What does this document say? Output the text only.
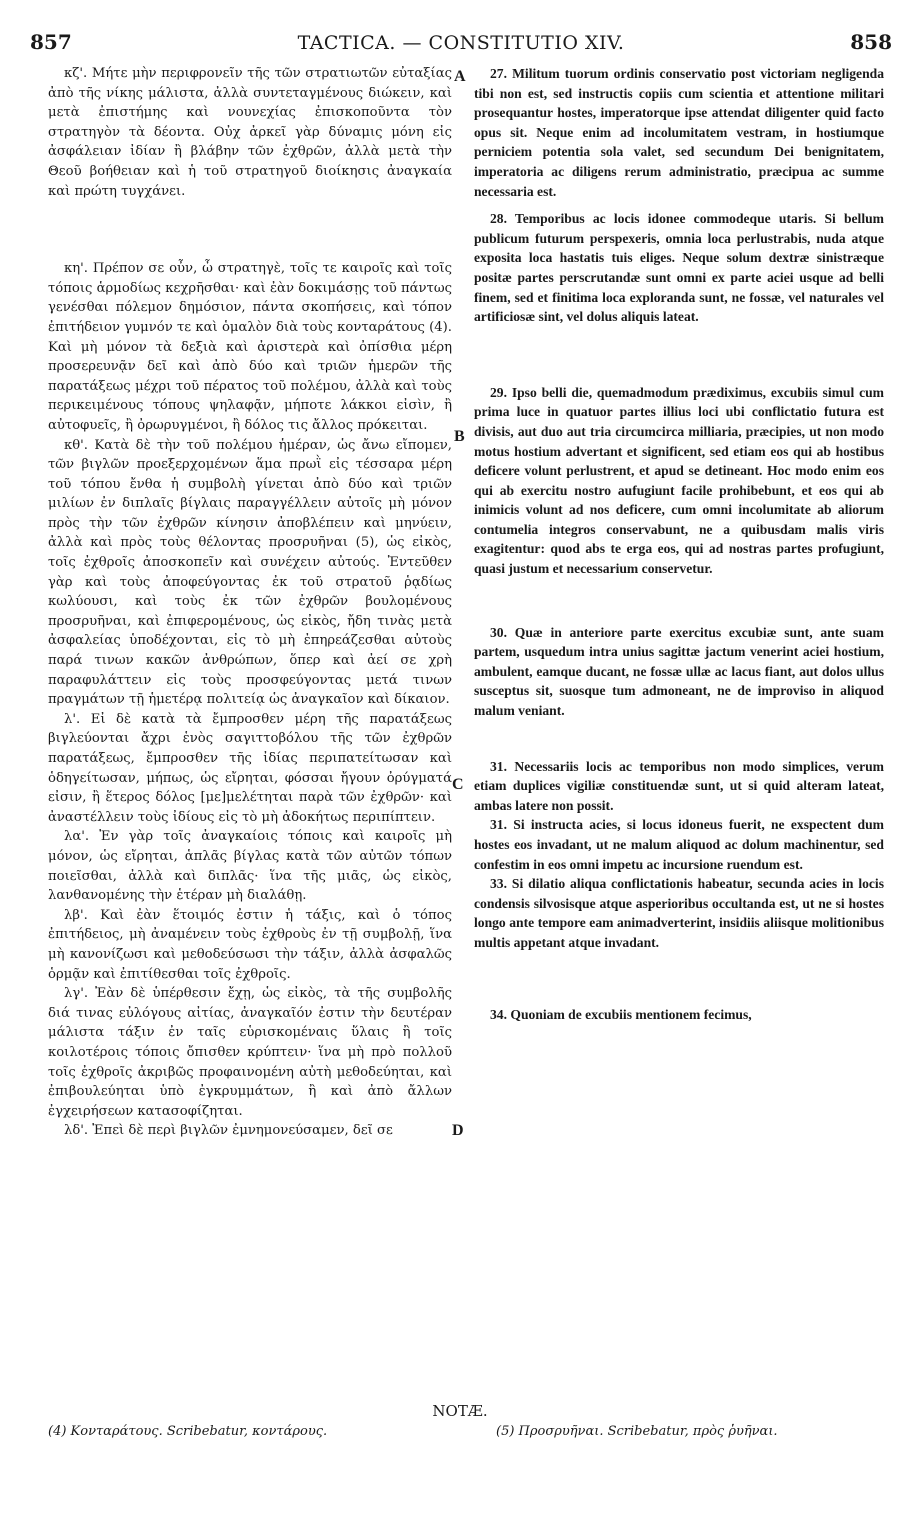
857	TACTICA. — CONSTITUTIO XIV.	858

κζ'. Μήτε μὴν περιφρονεῖν τῆς τῶν στρατιωτῶν εὐταξίας ἀπὸ τῆς νίκης μάλιστα, ἀλλὰ συντεταγμένους διώκειν, καὶ μετὰ ἐπιστήμης καὶ νουνεχίας ἐπισκοποῦντα τὸν στρατηγὸν τὰ δέοντα. Οὐχ ἀρκεῖ γὰρ δύναμις μόνη εἰς ἀσφάλειαν ἰδίαν ἢ βλάβην τῶν ἐχθρῶν, ἀλλὰ μετὰ τὴν Θεοῦ βοήθειαν καὶ ἡ τοῦ στρατηγοῦ διοίκησις ἀναγκαία καὶ πρώτη τυγχάνει.

κη'. Πρέπον σε οὖν, ὦ στρατηγὲ, τοῖς τε καιροῖς καὶ τοῖς τόποις ἁρμοδίως κεχρῆσθαι· καὶ ἐὰν δοκιμάσῃς τοῦ πάντως γενέσθαι πόλεμον δημόσιον, πάντα σκοπήσεις, καὶ τόπον ἐπιτήδειον γυμνόν τε καὶ ὁμαλὸν διὰ τοὺς κονταράτους (4). Καὶ μὴ μόνον τὰ δεξιὰ καὶ ἀριστερὰ καὶ ὀπίσθια μέρη προσερευνᾷν δεῖ καὶ ἀπὸ δύο καὶ τριῶν ἡμερῶν τῆς παρατάξεως μέχρι τοῦ πέρατος τοῦ πολέμου, ἀλλὰ καὶ τοὺς περικειμένους τόπους ψηλαφᾷν, μήποτε λάκκοι εἰσὶν, ἢ αὐτοφυεῖς, ἢ ὀρωρυγμένοι, ἢ δόλος τις ἄλλος πρόκειται.

κθ'. Κατὰ δὲ τὴν τοῦ πολέμου ἡμέραν, ὡς ἄνω εἴπομεν, τῶν βιγλῶν προεξερχομένων ἅμα πρωῒ εἰς τέσσαρα μέρη τοῦ τόπου ἔνθα ἡ συμβολὴ γίνεται ἀπὸ δύο καὶ τριῶν μιλίων ἐν διπλαῖς βίγλαις παραγγέλλειν αὐτοῖς μὴ μόνον πρὸς τὴν τῶν ἐχθρῶν κίνησιν ἀποβλέπειν καὶ μηνύειν, ἀλλὰ καὶ πρὸς τοὺς θέλοντας προσρυῆναι (5), ὡς εἰκὸς, τοῖς ἐχθροῖς ἀποσκοπεῖν καὶ συνέχειν αὐτούς. Ἐντεῦθεν γὰρ καὶ τοὺς ἀποφεύγοντας ἐκ τοῦ στρατοῦ ῥᾳδίως κωλύουσι, καὶ τοὺς ἐκ τῶν ἐχθρῶν βουλομένους προσρυῆναι, καὶ ἐπιφερομένους, ὡς εἰκὸς, ἤδη τινὰς μετὰ ἀσφαλείας ὑποδέχονται, εἰς τὸ μὴ ἐπηρεάζεσθαι αὐτοὺς παρά τινων κακῶν ἀνθρώπων, ὅπερ καὶ ἀεί σε χρὴ παραφυλάττειν εἰς τοὺς προσφεύγοντας μετά τινων πραγμάτων τῇ ἡμετέρᾳ πολιτείᾳ ὡς ἀναγκαῖον καὶ δίκαιον.

λ'. Εἰ δὲ κατὰ τὰ ἔμπροσθεν μέρη τῆς παρατάξεως βιγλεύονται ἄχρι ἑνὸς σαγιττοβόλου τῆς τῶν ἐχθρῶν παρατάξεως, ἔμπροσθεν τῆς ἰδίας περιπατείτωσαν καὶ ὁδηγείτωσαν, μήπως, ὡς εἴρηται, φόσσαι ἤγουν ὀρύγματά εἰσιν, ἢ ἕτερος δόλος [με]μελέτηται παρὰ τῶν ἐχθρῶν· καὶ ἀναστέλλειν τοὺς ἰδίους εἰς τὸ μὴ ἀδοκήτως περιπίπτειν.

λα'. Ἐν γὰρ τοῖς ἀναγκαίοις τόποις καὶ καιροῖς μὴ μόνον, ὡς εἴρηται, ἁπλᾶς βίγλας κατὰ τῶν αὐτῶν τόπων ποιεῖσθαι, ἀλλὰ καὶ διπλᾶς· ἵνα τῆς μιᾶς, ὡς εἰκὸς, λανθανομένης τὴν ἑτέραν μὴ διαλάθῃ.

λβ'. Καὶ ἐὰν ἕτοιμός ἐστιν ἡ τάξις, καὶ ὁ τόπος ἐπιτήδειος, μὴ ἀναμένειν τοὺς ἐχθροὺς ἐν τῇ συμβολῇ, ἵνα μὴ κανονίζωσι καὶ μεθοδεύσωσι τὴν τάξιν, ἀλλὰ ἀσφαλῶς ὁρμᾷν καὶ ἐπιτίθεσθαι τοῖς ἐχθροῖς.

λγ'. Ἐὰν δὲ ὑπέρθεσιν ἔχῃ, ὡς εἰκὸς, τὰ τῆς συμβολῆς διά τινας εὐλόγους αἰτίας, ἀναγκαῖόν ἐστιν τὴν δευτέραν μάλιστα τάξιν ἐν ταῖς εὑρισκομέναις ὕλαις ἢ τοῖς κοιλοτέροις τόποις ὄπισθεν κρύπτειν· ἵνα μὴ πρὸ πολλοῦ τοῖς ἐχθροῖς ἀκριβῶς προφαινομένη αὐτὴ μεθοδεύηται, καὶ ἐπιβουλεύηται ὑπὸ ἐγκρυμμάτων, ἢ καὶ ἀπὸ ἄλλων ἐγχειρήσεων κατασοφίζηται.

λδ'. Ἐπεὶ δὲ περὶ βιγλῶν ἐμνημονεύσαμεν, δεῖ σε

27. Militum tuorum ordinis conservatio post victoriam negligenda tibi non est, sed instructis copiis cum scientia et attentione militari prosequantur hostes, imperatorque ipse attendat diligenter quid facto opus sit. Neque enim ad incolumitatem vestram, in hostiumque perniciem potentia sola valet, sed secundum Dei benignitatem, imperatoria ac diligens rerum administratio, præcipua ac summe necessaria est.

28. Temporibus ac locis idonee commodeque utaris. Si bellum publicum futurum perspexeris, omnia loca perlustrabis, nuda atque exposita loca hastatis tuis eliges. Neque solum dextræ sinistræque positæ partes perscrutandæ sunt omni ex parte aciei usque ad belli finem, sed et finitima loca exploranda sunt, ne fossæ, vel naturales vel artificiosæ sint, vel dolus aliquis lateat.

29. Ipso belli die, quemadmodum prædiximus, excubiis simul cum prima luce in quatuor partes illius loci ubi conflictatio futura est divisis, aut duo aut tria circumcirca milliaria, præcipies, ut non modo motus hostium advertant et significent, sed etiam eos qui ab hostibus deficere volunt perlustrent, et apud se detineant. Hoc modo enim eos qui ab exercitu nostro aufugiunt facile prohibebunt, et eos qui ab inimicis volunt ad nos deficere, cum omni incolumitate ab aliorum contumelia integros conservabunt, ne a quibusdam malis viris exagitentur: quod abs te erga eos, qui ad nostras partes profugiunt, quasi justum et necessarium conservetur.

30. Quæ in anteriore parte exercitus excubiæ sunt, ante suam partem, usquedum intra unius sagittæ jactum venerint aciei hostium, ambulent, eamque ducant, ne fossæ ullæ ac lacus fiant, aut dolos ullus susceptus sit, suosque tum admoneant, ne de improviso in aliquod malum veniant.

31. Necessariis locis ac temporibus non modo simplices, verum etiam duplices vigiliæ constituendæ sunt, ut si quid alteram lateat, ambas latere non possit.

31. Si instructa acies, si locus idoneus fuerit, ne exspectent dum hostes eos invadant, ut ne malum aliquod ac dolum machinentur, sed confestim in eos omni impetu ac incursione ruendum est.

33. Si dilatio aliqua conflictationis habeatur, secunda acies in locis condensis silvosisque atque asperioribus occultanda est, ut ne si hostes longo ante tempore eam animadverterint, insidiis aliisque molitionibus multis appetant atque invadant.

34. Quoniam de excubiis mentionem fecimus,

A
B
C
D
NOTÆ.
(4) Κονταράτους. Scribebatur, κοντάρους.	(5) Προσρυῆναι. Scribebatur, πρὸς ῥυῆναι.
